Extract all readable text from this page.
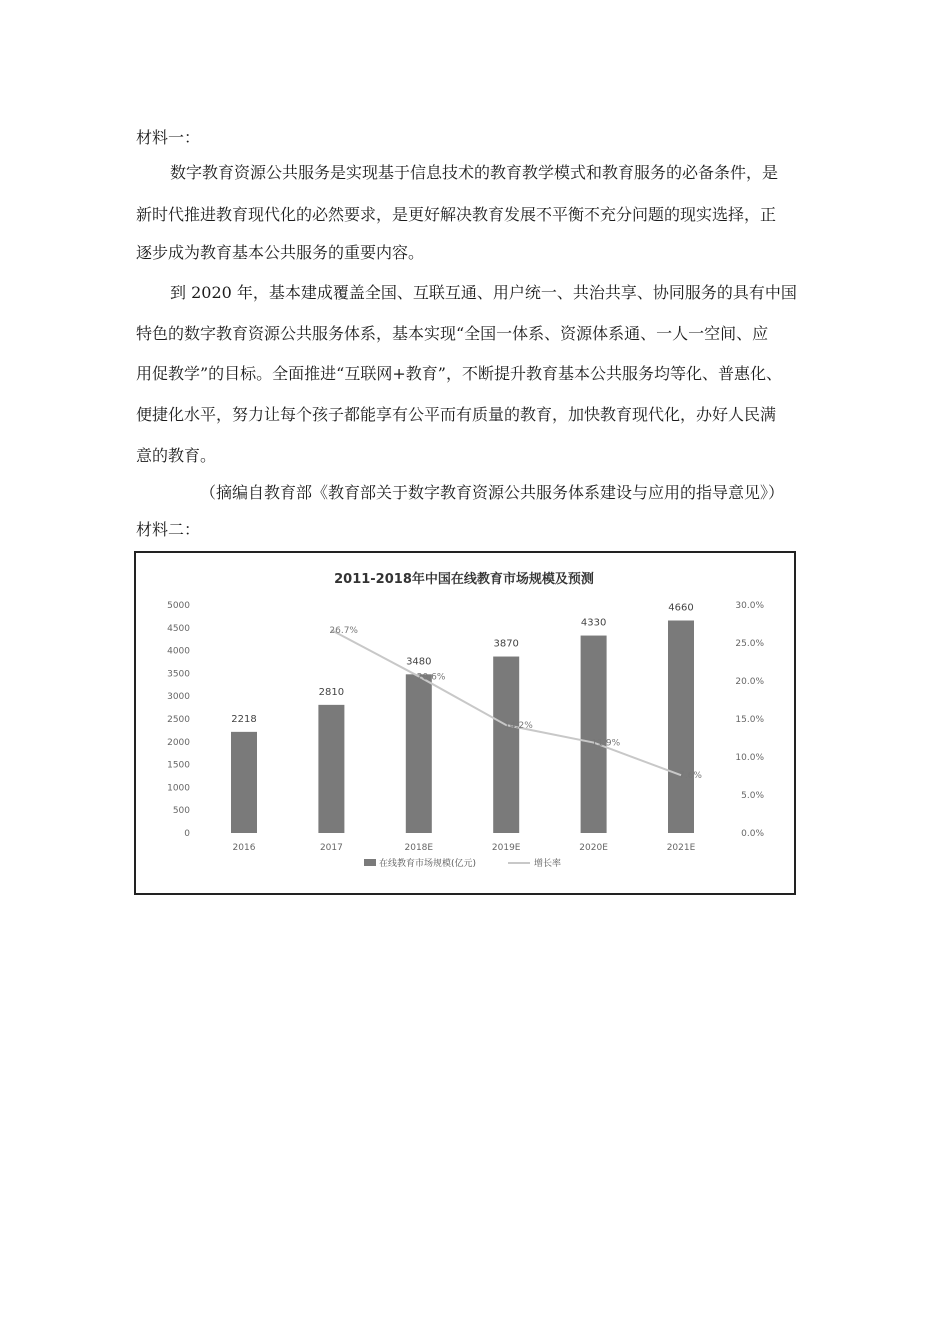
材料一：
数字教育资源公共服务是实现基于信息技术的教育教学模式和教育服务的必备条件，是
新时代推进教育现代化的必然要求，是更好解决教育发展不平衡不充分问题的现实选择，正
逐步成为教育基本公共服务的重要内容。
到 2020 年，基本建成覆盖全国、互联互通、用户统一、共治共享、协同服务的具有中国
特色的数字教育资源公共服务体系，基本实现“全国一体系、资源体系通、一人一空间、应
用促教学”的目标。全面推进“互联网+教育”，不断提升教育基本公共服务均等化、普惠化、
便捷化水平，努力让每个孩子都能享有公平而有质量的教育，加快教育现代化，办好人民满
意的教育。
（摘编自教育部《教育部关于数字教育资源公共服务体系建设与应用的指导意见》）
材料二：
2011-2018年中国在线教育市场规模及预测
0
500
1000
1500
2000
2500
3000
3500
4000
4500
5000
0.0%
5.0%
10.0%
15.0%
20.0%
25.0%
30.0%
2218
2810
3480
3870
4330
4660
26.7%
20.6%
14.2%
11.9%
7.6%
2016	2017	2018E	2019E	2020E	2021E
在线教育市场规模(亿元)	增长率
